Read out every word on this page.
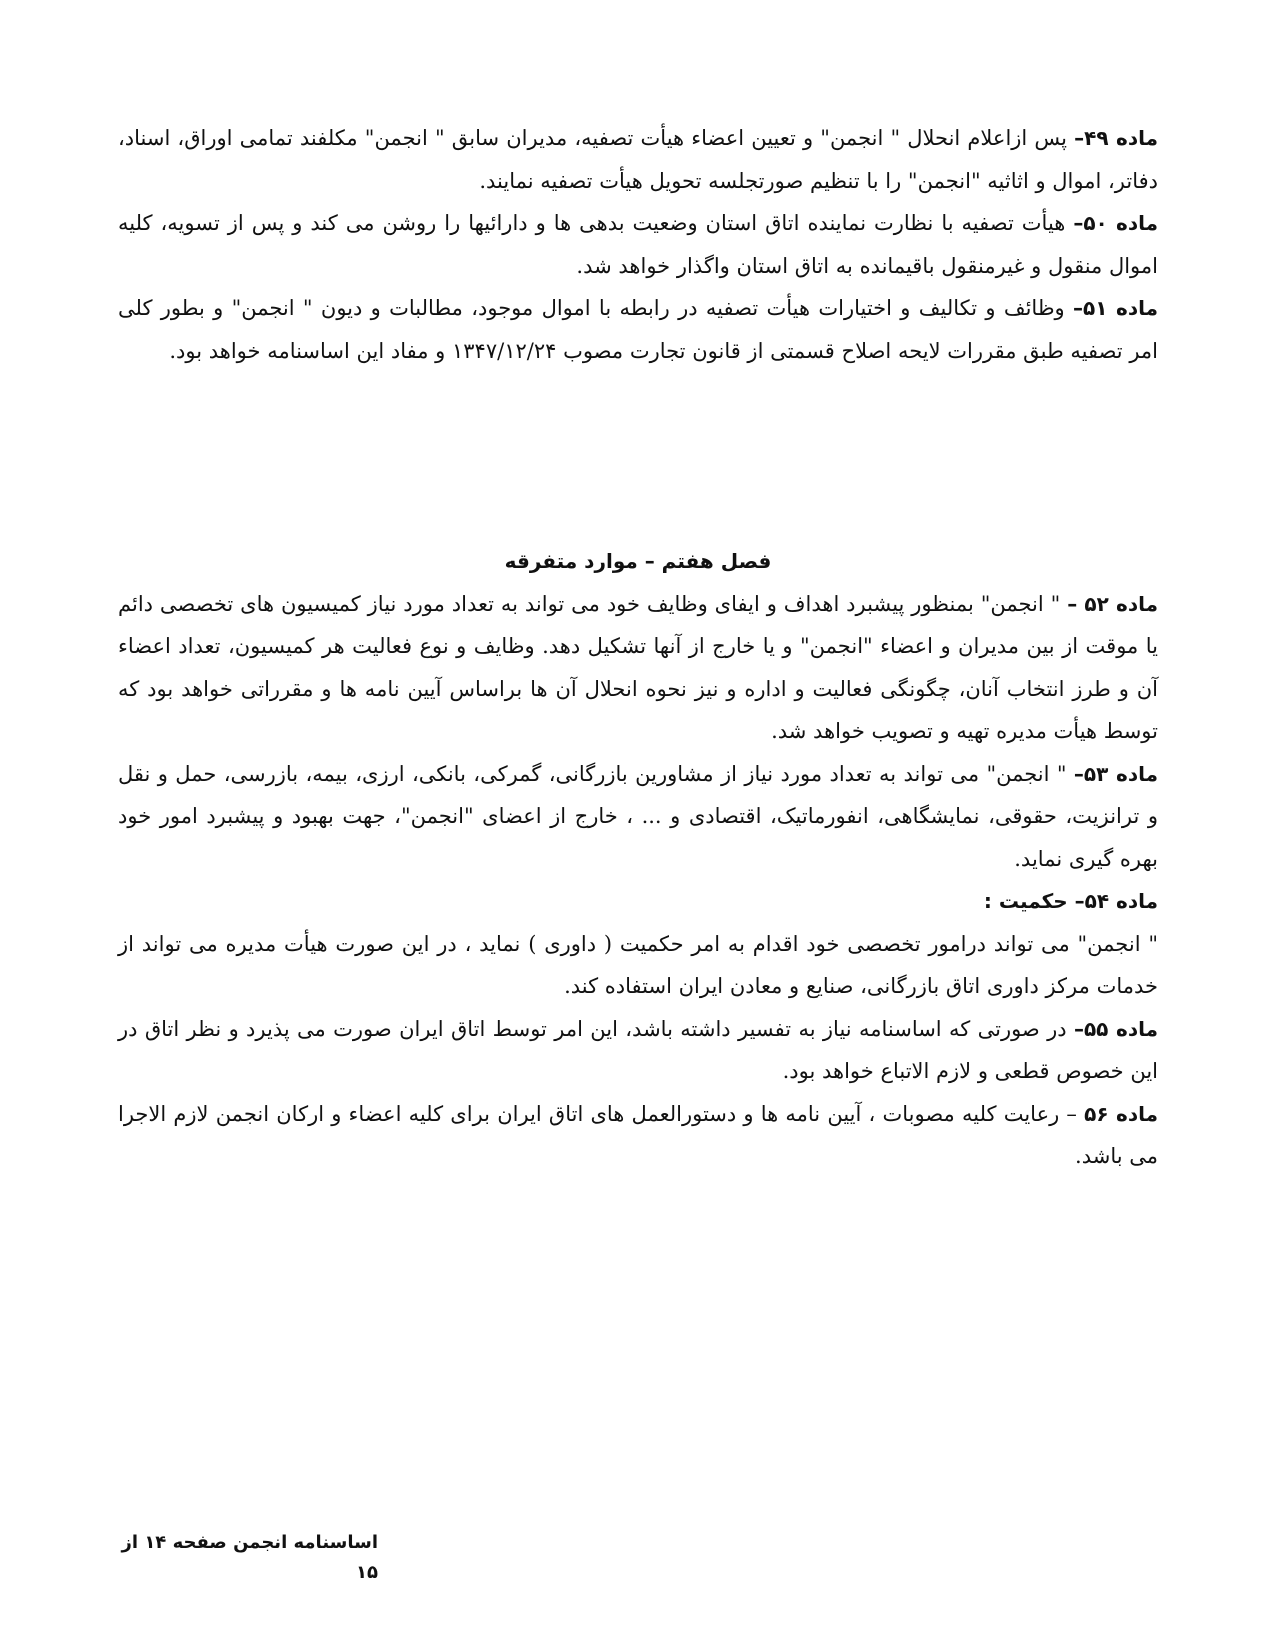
ماده ۴۹– پس ازاعلام انحلال " انجمن" و تعیین اعضاء هیأت تصفیه، مدیران سابق " انجمن" مکلفند تمامی اوراق، اسناد، دفاتر، اموال و اثاثیه "انجمن" را با تنظیم صورتجلسه تحویل هیأت تصفیه نمایند.

ماده ۵۰– هیأت تصفیه با نظارت نماینده اتاق استان وضعیت بدهی ها و دارائیها را روشن می کند و پس از تسویه، کلیه اموال منقول و غیرمنقول باقیمانده به اتاق استان واگذار خواهد شد.

ماده ۵۱– وظائف و تکالیف و اختیارات هیأت تصفیه در رابطه با اموال موجود، مطالبات و دیون " انجمن" و بطور کلی امر تصفیه طبق مقررات لایحه اصلاح قسمتی از قانون تجارت مصوب ۱۳۴۷/۱۲/۲۴ و مفاد این اساسنامه خواهد بود.

فصل هفتم – موارد متفرقه

ماده ۵۲ – " انجمن" بمنظور پیشبرد اهداف و ایفای وظایف خود می تواند به تعداد مورد نیاز کمیسیون های تخصصی دائم یا موقت از بین مدیران و اعضاء "انجمن" و یا خارج از آنها تشکیل دهد. وظایف و نوع فعالیت هر کمیسیون، تعداد اعضاء آن و طرز انتخاب آنان، چگونگی فعالیت و اداره و نیز نحوه انحلال آن ها براساس آیین نامه ها و مقرراتی خواهد بود که توسط هیأت مدیره تهیه و تصویب خواهد شد.

ماده ۵۳– " انجمن" می تواند به تعداد مورد نیاز از مشاورین بازرگانی، گمرکی، بانکی، ارزی، بیمه، بازرسی، حمل و نقل و ترانزیت، حقوقی، نمایشگاهی، انفورماتیک، اقتصادی و ... ، خارج از اعضای "انجمن"، جهت بهبود و پیشبرد امور خود بهره گیری نماید.

ماده ۵۴– حکمیت :

" انجمن" می تواند درامور تخصصی خود اقدام به امر حکمیت ( داوری ) نماید ، در این صورت هیأت مدیره می تواند از خدمات مرکز داوری اتاق بازرگانی، صنایع و معادن ایران استفاده کند.

ماده ۵۵– در صورتی که اساسنامه نیاز به تفسیر داشته باشد، این امر توسط اتاق ایران صورت می پذیرد و نظر اتاق در این خصوص قطعی و لازم الاتباع خواهد بود.

ماده ۵۶ – رعایت کلیه مصوبات ، آیین نامه ها و دستورالعمل های اتاق ایران برای کلیه اعضاء و ارکان انجمن لازم الاجرا می باشد.

اساسنامه انجمن صفحه ۱۴ از ۱۵
